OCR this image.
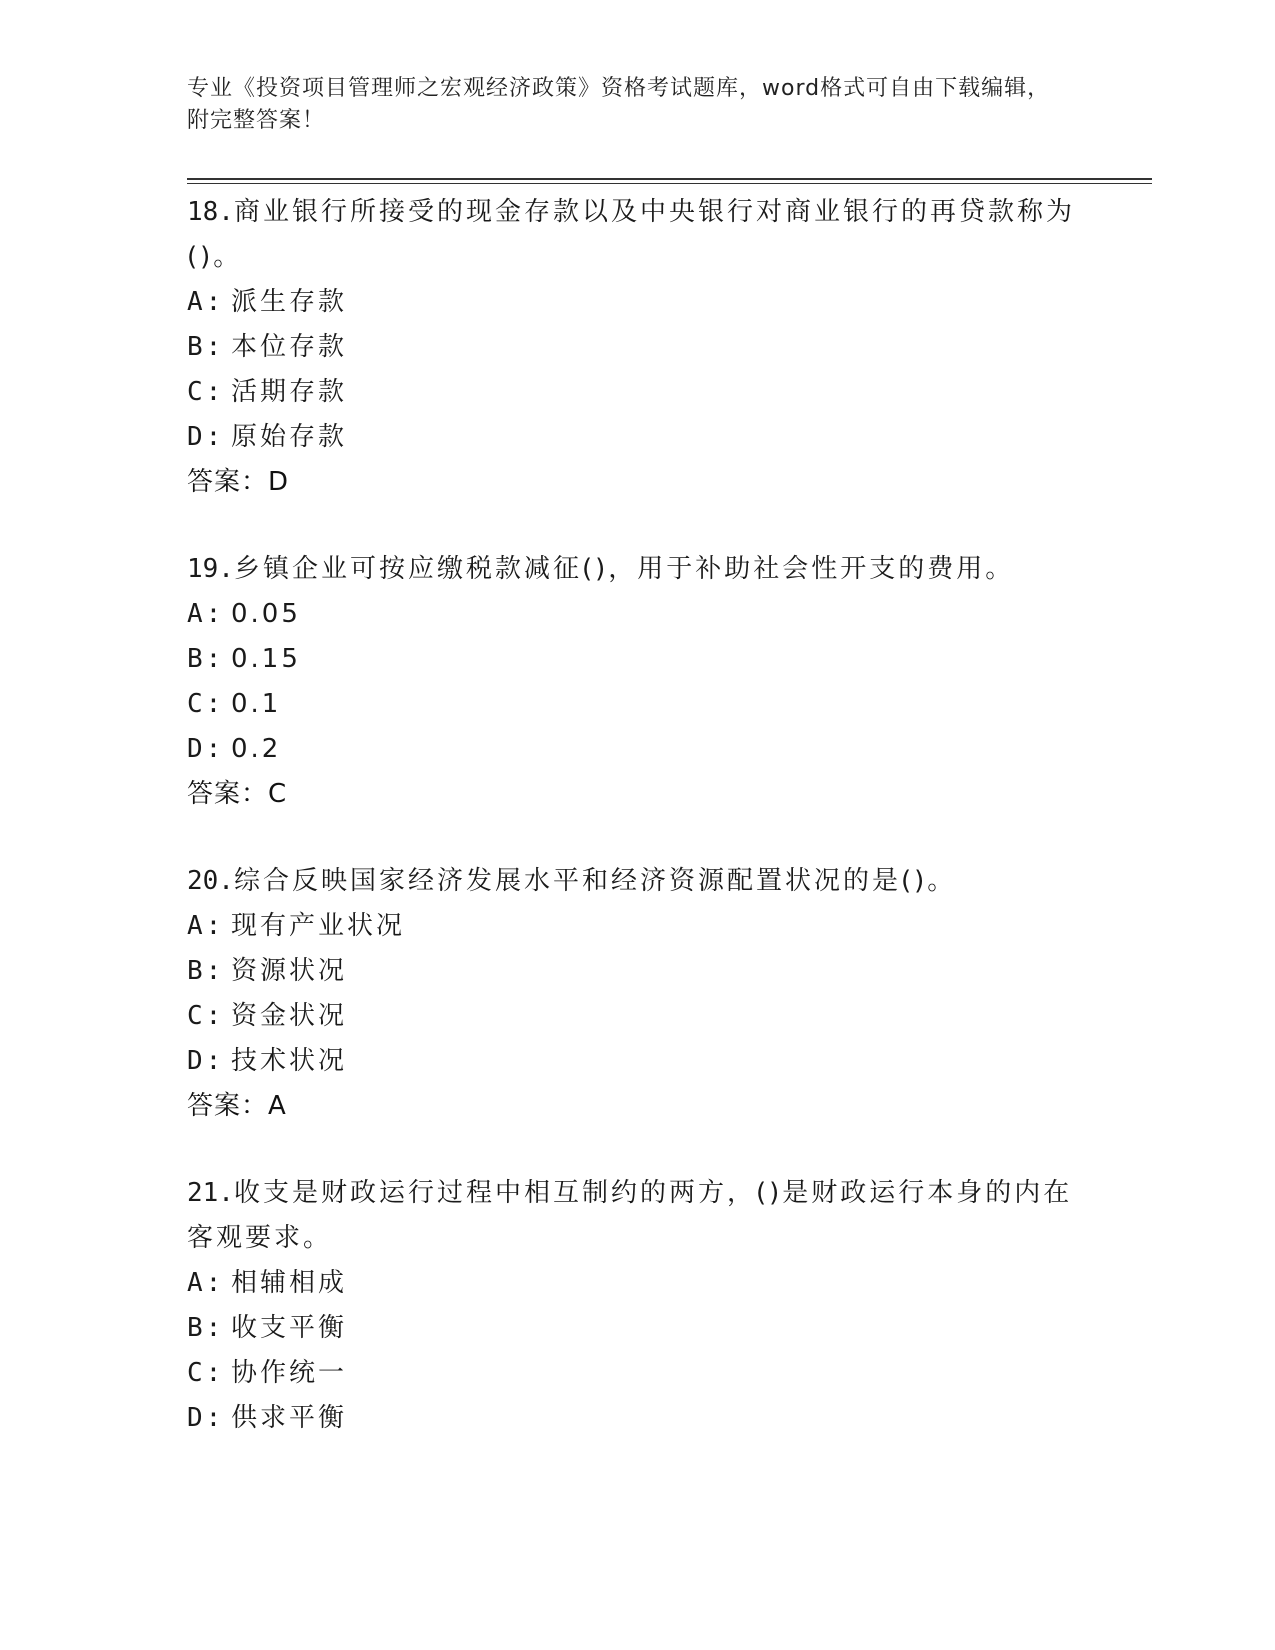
专业《投资项目管理师之宏观经济政策》资格考试题库，word格式可自由下载编辑，附完整答案！
18.商业银行所接受的现金存款以及中央银行对商业银行的再贷款称为()。
A: 派生存款
B: 本位存款
C: 活期存款
D: 原始存款
答案：D
19.乡镇企业可按应缴税款减征()，用于补助社会性开支的费用。
A: 0.05
B: 0.15
C: 0.1
D: 0.2
答案：C
20.综合反映国家经济发展水平和经济资源配置状况的是()。
A: 现有产业状况
B: 资源状况
C: 资金状况
D: 技术状况
答案：A
21.收支是财政运行过程中相互制约的两方，()是财政运行本身的内在客观要求。
A: 相辅相成
B: 收支平衡
C: 协作统一
D: 供求平衡
